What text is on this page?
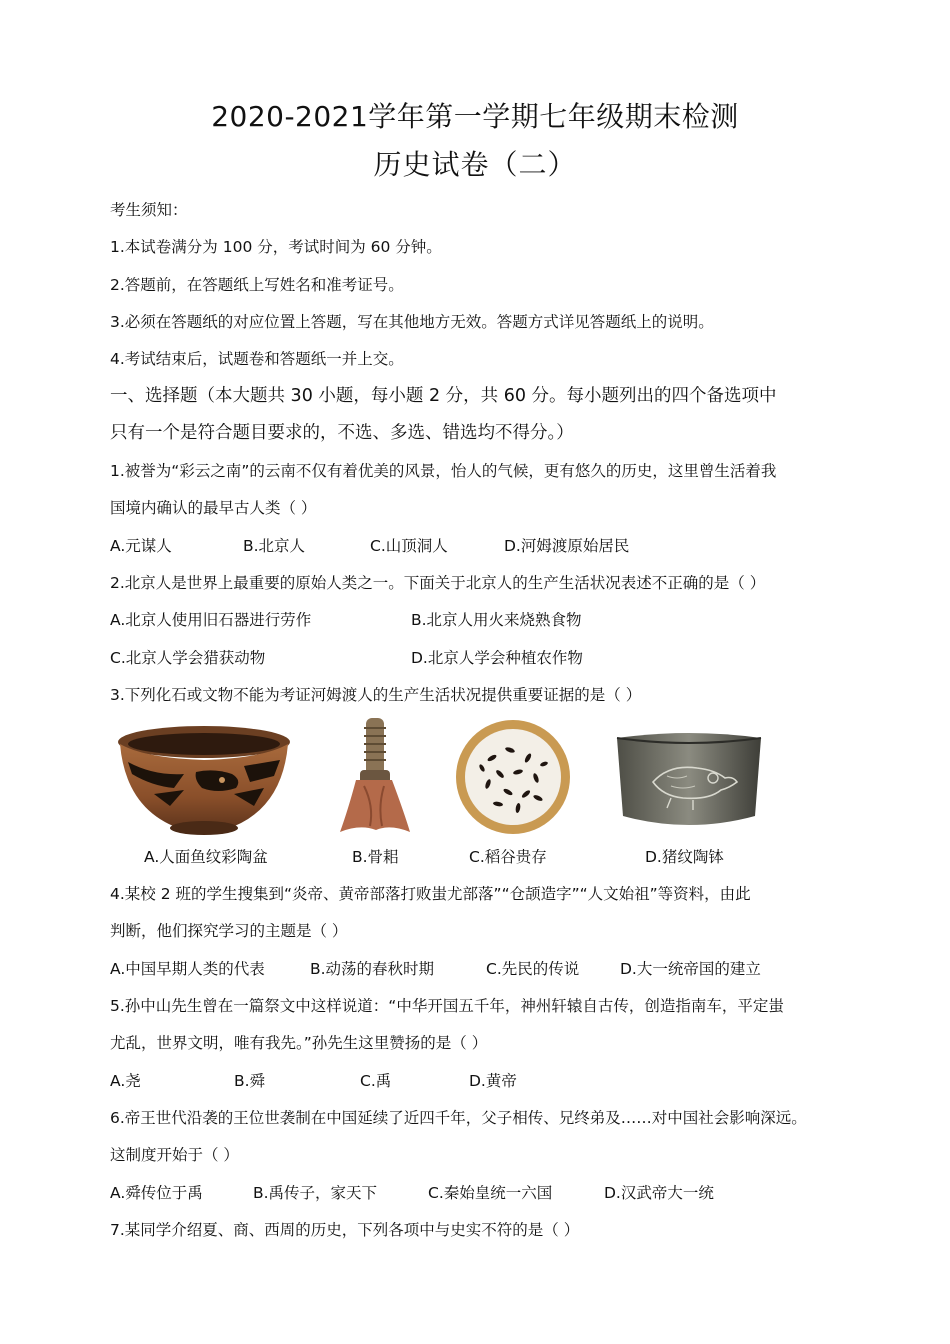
2020-2021学年第一学期七年级期末检测
历史试卷（二）
考生须知：
1.本试卷满分为 100 分，考试时间为 60 分钟。
2.答题前，在答题纸上写姓名和准考证号。
3.必须在答题纸的对应位置上答题，写在其他地方无效。答题方式详见答题纸上的说明。
4.考试结束后，试题卷和答题纸一并上交。
一、选择题（本大题共 30 小题，每小题 2 分，共 60 分。每小题列出的四个备选项中
只有一个是符合题目要求的，不选、多选、错选均不得分。）
1.被誉为“彩云之南”的云南不仅有着优美的风景，怡人的气候，更有悠久的历史，这里曾生活着我
国境内确认的最早古人类（ ）
A.元谋人	B.北京人	C.山顶洞人	D.河姆渡原始居民
2.北京人是世界上最重要的原始人类之一。下面关于北京人的生产生活状况表述不正确的是（ ）
A.北京人使用旧石器进行劳作	B.北京人用火来烧熟食物
C.北京人学会猎获动物	D.北京人学会种植农作物
3.下列化石或文物不能为考证河姆渡人的生产生活状况提供重要证据的是（ ）
A.人面鱼纹彩陶盆	B.骨耜	C.稻谷贵存	D.猪纹陶钵
4.某校 2 班的学生搜集到“炎帝、黄帝部落打败蚩尤部落”“仓颉造字”“人文始祖”等资料，由此
判断，他们探究学习的主题是（ ）
A.中国早期人类的代表	B.动荡的春秋时期	C.先民的传说	D.大一统帝国的建立
5.孙中山先生曾在一篇祭文中这样说道：“中华开国五千年，神州轩辕自古传，创造指南车，平定蚩
尤乱，世界文明，唯有我先。”孙先生这里赞扬的是（ ）
A.尧	B.舜	C.禹	D.黄帝
6.帝王世代沿袭的王位世袭制在中国延续了近四千年，父子相传、兄终弟及……对中国社会影响深远。
这制度开始于（ ）
A.舜传位于禹	B.禹传子，家天下	C.秦始皇统一六国	D.汉武帝大一统
7.某同学介绍夏、商、西周的历史，下列各项中与史实不符的是（ ）
